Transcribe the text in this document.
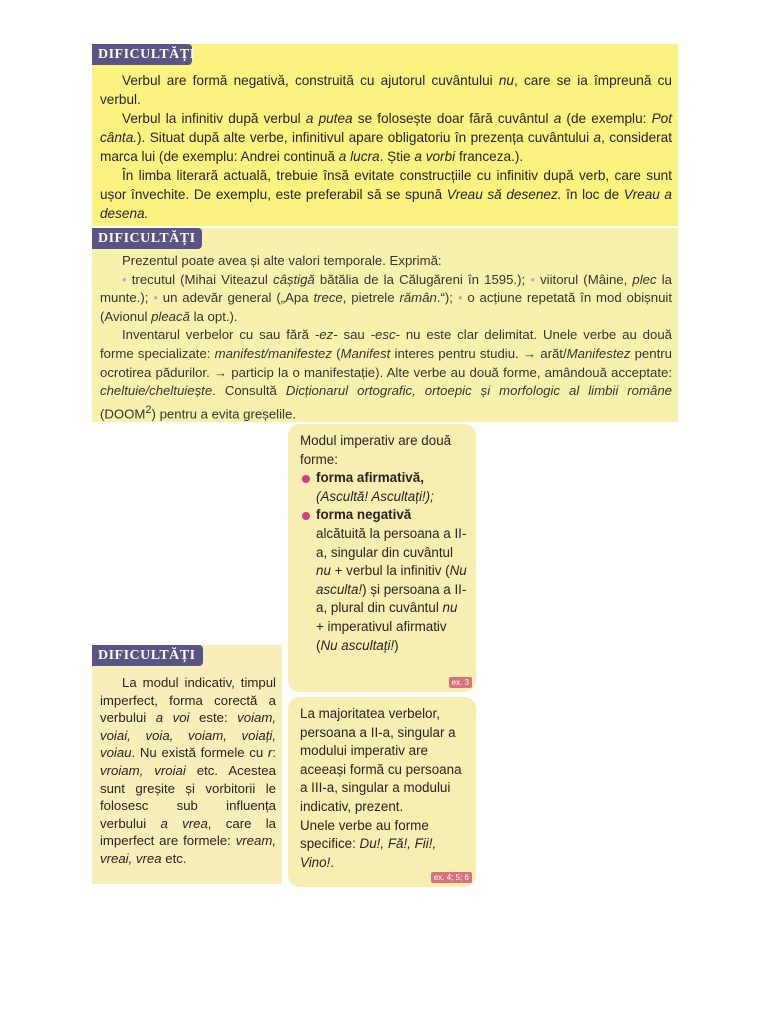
DIFICULTĂȚI

Verbul are formă negativă, construită cu ajutorul cuvântului nu, care se ia împreună cu verbul.

Verbul la infinitiv după verbul a putea se folosește doar fără cuvântul a (de exemplu: Pot cânta.). Situat după alte verbe, infinitivul apare obligatoriu în prezența cuvântului a, considerat marca lui (de exemplu: Andrei continuă a lucra. Știe a vorbi franceza.).

În limba literară actuală, trebuie însă evitate construcțiile cu infinitiv după verb, care sunt ușor învechite. De exemplu, este preferabil să se spună Vreau să desenez. în loc de Vreau a desena.

DIFICULTĂȚI

Prezentul poate avea și alte valori temporale. Exprimă:

• trecutul (Mihai Viteazul câștigă bătălia de la Călugăreni în 1595.); • viitorul (Mâine, plec la munte.); • un adevăr general („Apa trece, pietrele rămân.“); • o acțiune repetată în mod obișnuit (Avionul pleacă la opt.).

Inventarul verbelor cu sau fără -ez- sau -esc- nu este clar delimitat. Unele verbe au două forme specializate: manifest/manifestez (Manifest interes pentru studiu. → arăt/Manifestez pentru ocrotirea pădurilor. → particip la o manifestație). Alte verbe au două forme, amândouă acceptate: cheltuie/cheltuiește. Consultă Dicționarul ortografic, ortoepic și morfologic al limbii române (DOOM$^2$) pentru a evita greșelile.

DIFICULTĂȚI

La modul indicativ, timpul imperfect, forma corectă a verbului a voi este: voiam, voiai, voia, voiam, voiați, voiau. Nu există formele cu r: vroiam, vroiai etc. Acestea sunt greșite și vorbitorii le folosesc sub influența verbului a vrea, care la imperfect are formele: vream, vreai, vrea etc.

Modul imperativ are două forme:
forma afirmativă,
(Ascultă! Ascultați!);
forma negativă
alcătuită la persoana a II-a, singular din cuvântul nu + verbul la infinitiv (Nu asculta!) și persoana a II-a, plural din cuvântul nu + imperativul afirmativ (Nu ascultați!)
ex. 3
La majoritatea verbelor, persoana a II-a, singular a modului imperativ are aceeași formă cu persoana a III-a, singular a modului indicativ, prezent.
Unele verbe au forme specifice: Du!, Fă!, Fii!, Vino!.
ex. 4; 5; 6
